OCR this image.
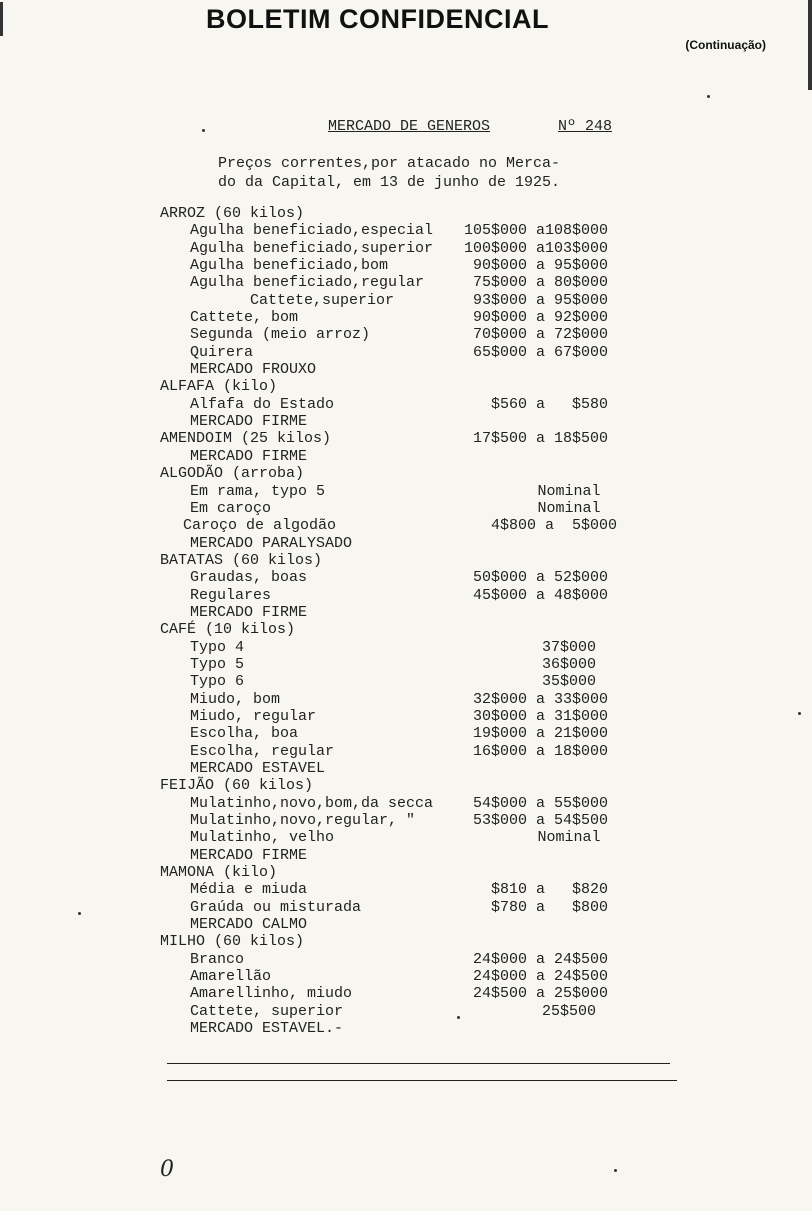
BOLETIM CONFIDENCIAL
(Continuação)
MERCADO DE GENEROS	Nº 248
Preços correntes,por atacado no Merca-
do da Capital, em 13 de junho de 1925.
ARROZ (60 kilos)
Agulha beneficiado,especial 105$000 a108$000
Agulha beneficiado,superior 100$000 a103$000
Agulha beneficiado,bom	90$000 a 95$000
Agulha beneficiado,regular	75$000 a 80$000
Cattete,superior	93$000 a 95$000
Cattete, bom	90$000 a 92$000
Segunda (meio arroz)	70$000 a 72$000
Quirera	65$000 a 67$000
MERCADO FROUXO
ALFAFA (kilo)
Alfafa do Estado	$560 a   $580
MERCADO FIRME
AMENDOIM (25 kilos)	17$500 a 18$500
MERCADO FIRME
ALGODÃO (arroba)
Em rama, typo 5	Nominal
Em caroço	Nominal
Caroço de algodão	4$800 a  5$000
MERCADO PARALYSADO
BATATAS (60 kilos)
Graudas, boas	50$000 a 52$000
Regulares	45$000 a 48$000
MERCADO FIRME
CAFÉ (10 kilos)
Typo 4	37$000
Typo 5	36$000
Typo 6	35$000
Miudo, bom	32$000 a 33$000
Miudo, regular	30$000 a 31$000
Escolha, boa	19$000 a 21$000
Escolha, regular	16$000 a 18$000
MERCADO ESTAVEL
FEIJÃO (60 kilos)
Mulatinho,novo,bom,da secca 54$000 a 55$000
Mulatinho,novo,regular, "	53$000 a 54$500
Mulatinho, velho	Nominal
MERCADO FIRME
MAMONA (kilo)
Média e miuda	$810 a   $820
Graúda ou misturada	$780 a   $800
MERCADO CALMO
MILHO (60 kilos)
Branco	24$000 a 24$500
Amarellão	24$000 a 24$500
Amarellinho, miudo	24$500 a 25$000
Cattete, superior	25$500
MERCADO ESTAVEL.-
0
